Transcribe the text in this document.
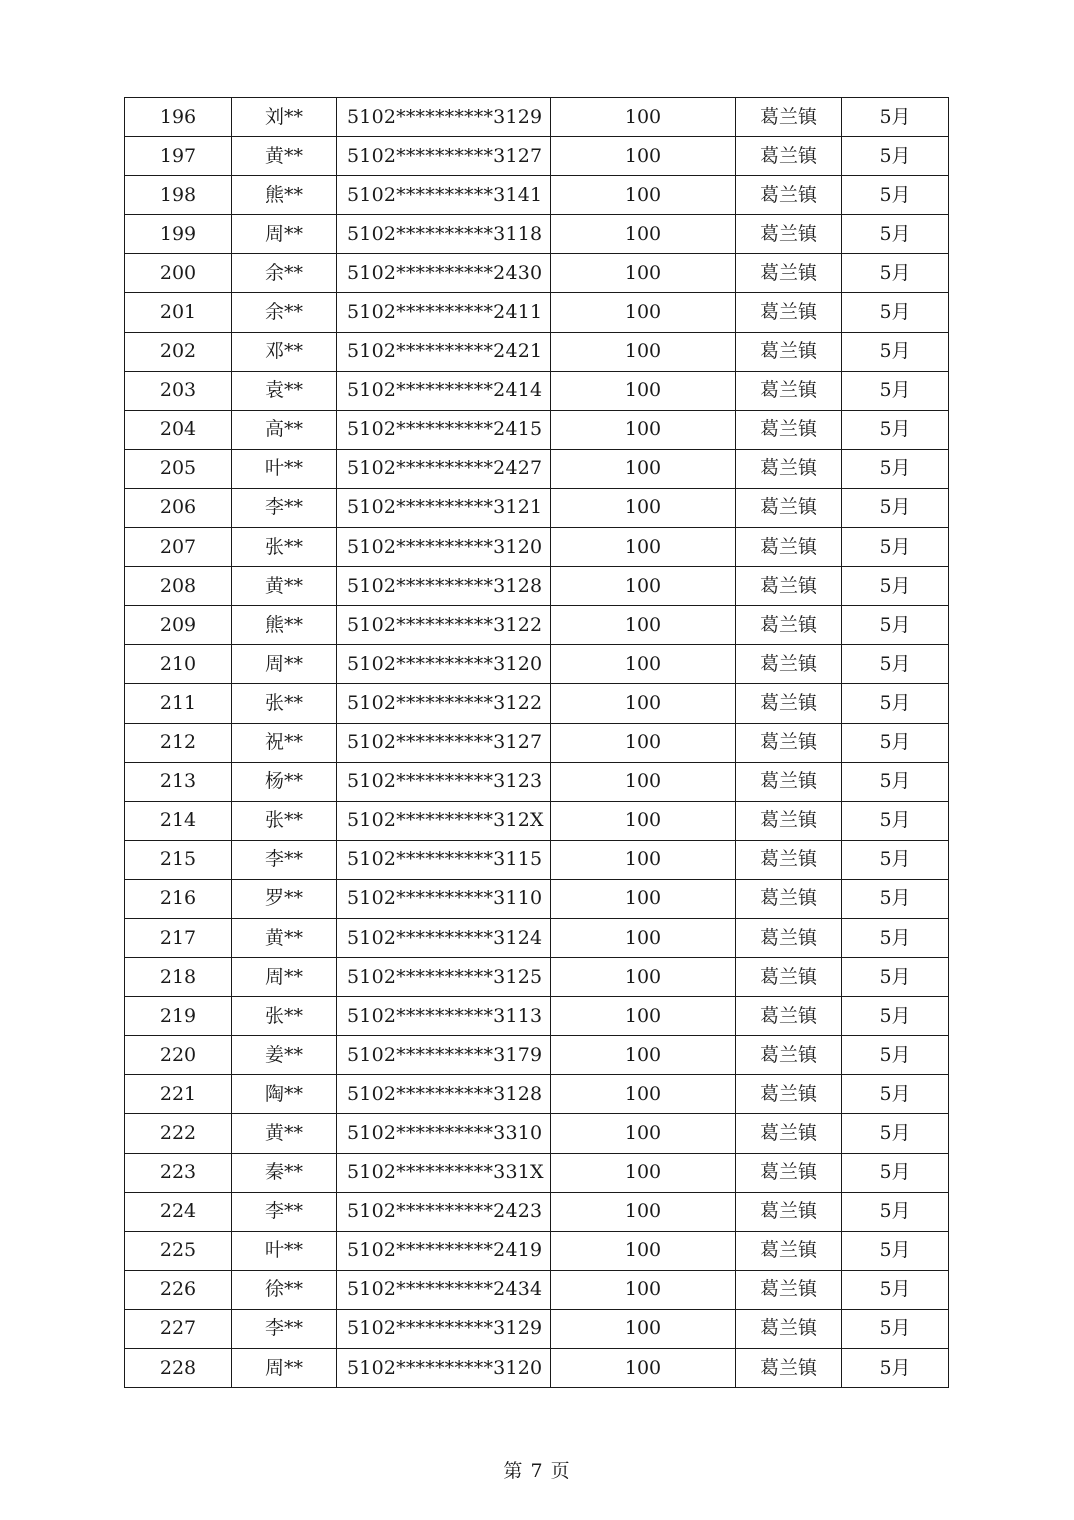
196	刘**	5102**********3129	100	葛兰镇	5月
197	黄**	5102**********3127	100	葛兰镇	5月
198	熊**	5102**********3141	100	葛兰镇	5月
199	周**	5102**********3118	100	葛兰镇	5月
200	余**	5102**********2430	100	葛兰镇	5月
201	余**	5102**********2411	100	葛兰镇	5月
202	邓**	5102**********2421	100	葛兰镇	5月
203	袁**	5102**********2414	100	葛兰镇	5月
204	高**	5102**********2415	100	葛兰镇	5月
205	叶**	5102**********2427	100	葛兰镇	5月
206	李**	5102**********3121	100	葛兰镇	5月
207	张**	5102**********3120	100	葛兰镇	5月
208	黄**	5102**********3128	100	葛兰镇	5月
209	熊**	5102**********3122	100	葛兰镇	5月
210	周**	5102**********3120	100	葛兰镇	5月
211	张**	5102**********3122	100	葛兰镇	5月
212	祝**	5102**********3127	100	葛兰镇	5月
213	杨**	5102**********3123	100	葛兰镇	5月
214	张**	5102**********312X	100	葛兰镇	5月
215	李**	5102**********3115	100	葛兰镇	5月
216	罗**	5102**********3110	100	葛兰镇	5月
217	黄**	5102**********3124	100	葛兰镇	5月
218	周**	5102**********3125	100	葛兰镇	5月
219	张**	5102**********3113	100	葛兰镇	5月
220	姜**	5102**********3179	100	葛兰镇	5月
221	陶**	5102**********3128	100	葛兰镇	5月
222	黄**	5102**********3310	100	葛兰镇	5月
223	秦**	5102**********331X	100	葛兰镇	5月
224	李**	5102**********2423	100	葛兰镇	5月
225	叶**	5102**********2419	100	葛兰镇	5月
226	徐**	5102**********2434	100	葛兰镇	5月
227	李**	5102**********3129	100	葛兰镇	5月
228	周**	5102**********3120	100	葛兰镇	5月
第 7 页
